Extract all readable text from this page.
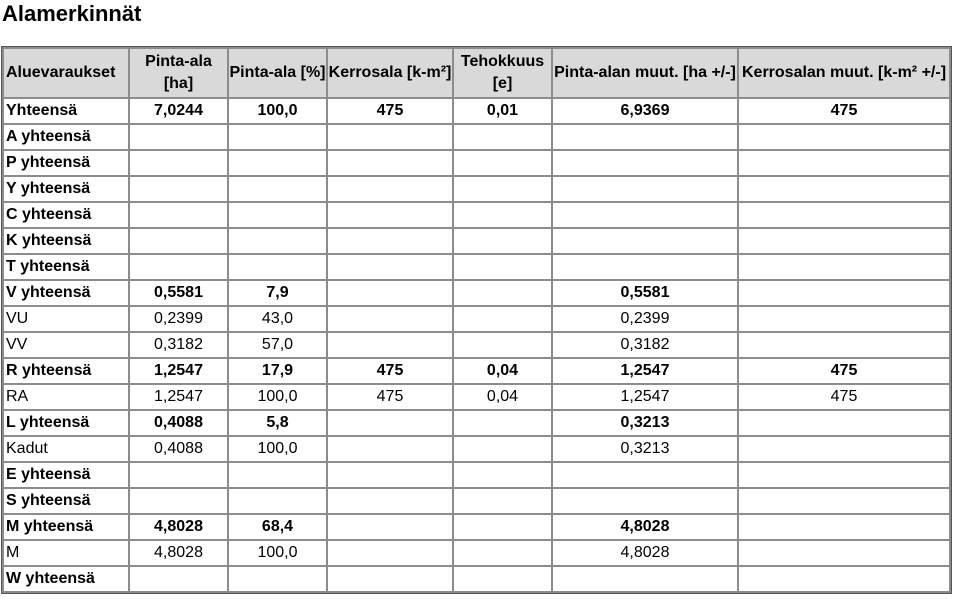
Alamerkinnät
Aluevaraukset	Pinta-ala [ha]	Pinta-ala [%]	Kerrosala [k-m²]	Tehokkuus [e]	Pinta-alan muut. [ha +/-]	Kerrosalan muut. [k-m² +/-]
Yhteensä	7,0244	100,0	475	0,01	6,9369	475
A yhteensä						
P yhteensä						
Y yhteensä						
C yhteensä						
K yhteensä						
T yhteensä						
V yhteensä	0,5581	7,9			0,5581	
VU	0,2399	43,0			0,2399	
VV	0,3182	57,0			0,3182	
R yhteensä	1,2547	17,9	475	0,04	1,2547	475
RA	1,2547	100,0	475	0,04	1,2547	475
L yhteensä	0,4088	5,8			0,3213	
Kadut	0,4088	100,0			0,3213	
E yhteensä						
S yhteensä						
M yhteensä	4,8028	68,4			4,8028	
M	4,8028	100,0			4,8028	
W yhteensä						
